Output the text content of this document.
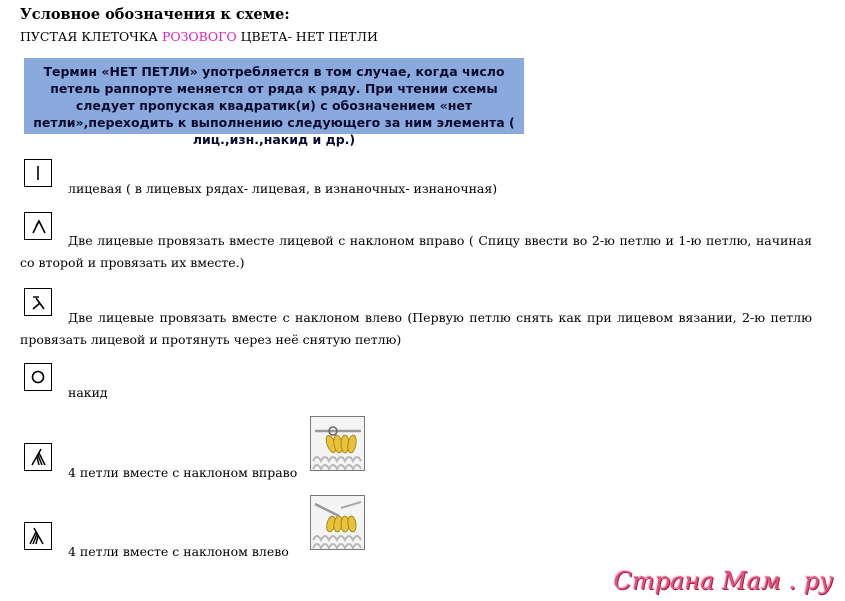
Условное обозначения к схеме:
ПУСТАЯ КЛЕТОЧКА РОЗОВОГО ЦВЕТА- НЕТ ПЕТЛИ
Термин «НЕТ ПЕТЛИ» употребляется в том случае, когда число петель раппорте меняется от ряда к ряду. При чтении схемы следует пропуская квадратик(и) с обозначением «нет петли»,переходить к выполнению следующего за ним элемента ( лиц.,изн.,накид и др.)
лицевая ( в лицевых рядах- лицевая, в изнаночных- изнаночная)
Две лицевые провязать вместе лицевой с наклоном вправо ( Спицу ввести во 2-ю петлю и 1-ю петлю, начиная со второй и провязать их вместе.)
Две лицевые провязать вместе с наклоном влево (Первую петлю снять как при лицевом вязании, 2-ю петлю провязать лицевой и протянуть через неё снятую петлю)
накид
4 петли вместе с наклоном вправо
4 петли вместе с наклоном влево
Страна Мам . ру
